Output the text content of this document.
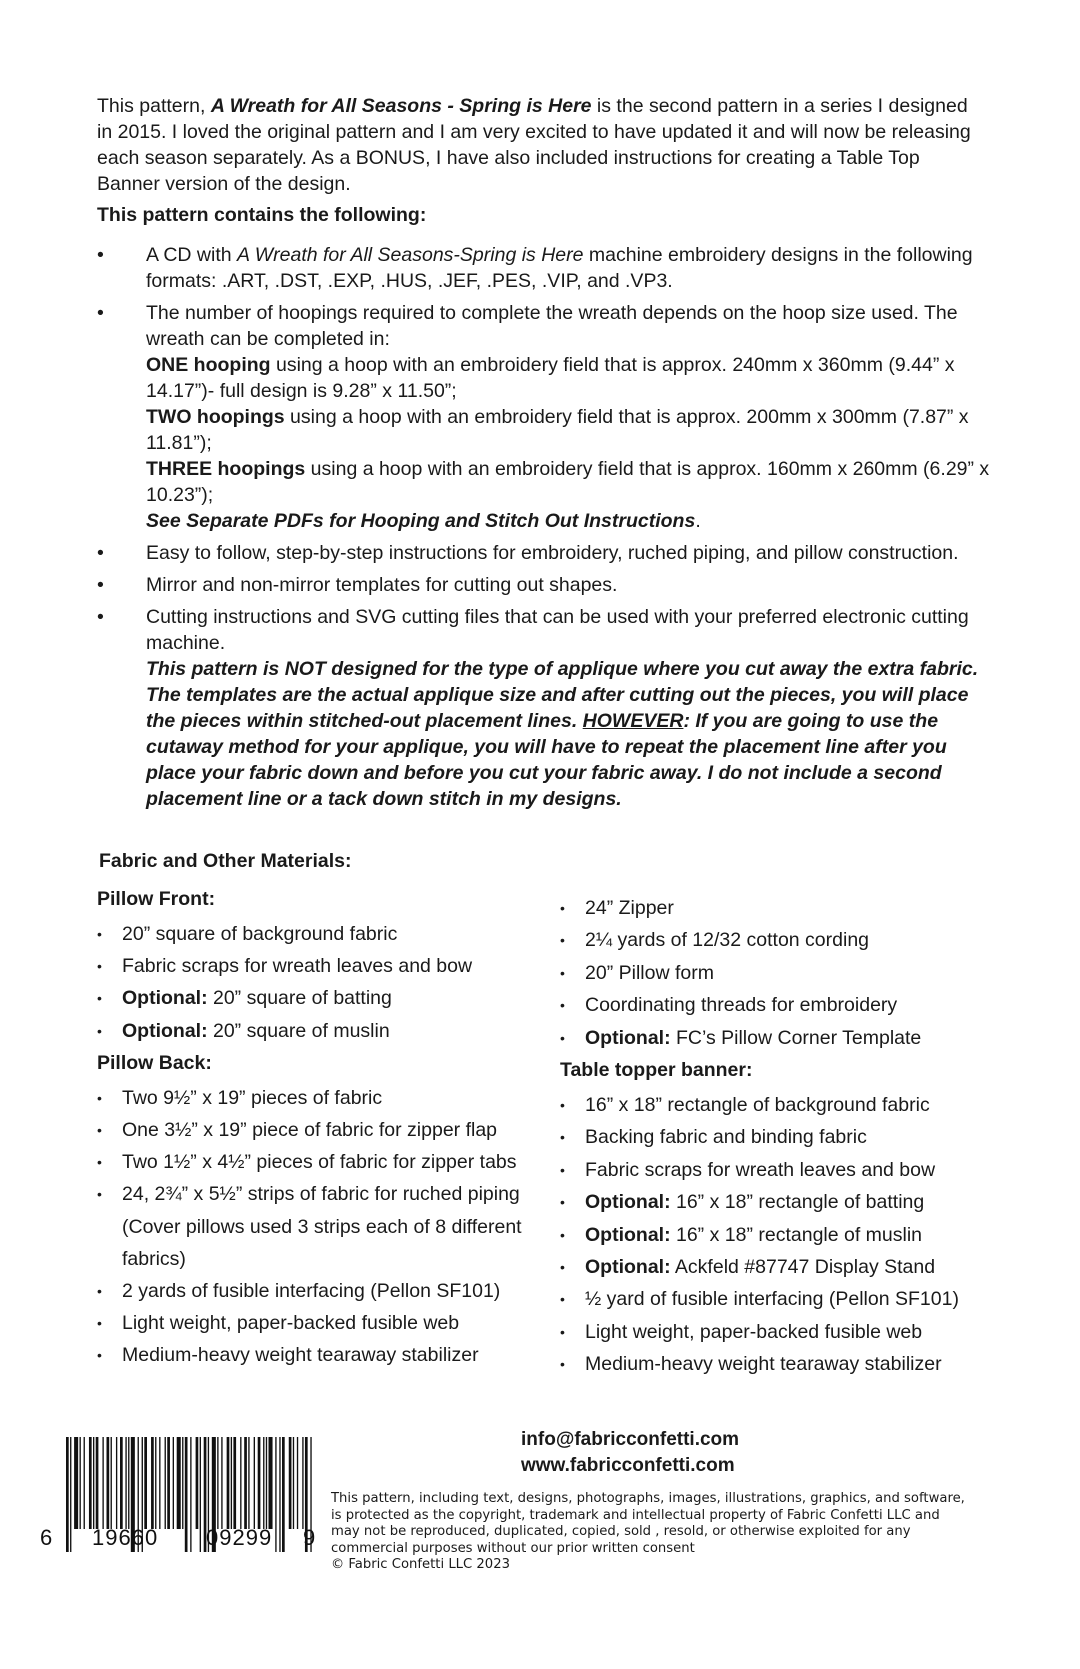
This pattern, A Wreath for All Seasons - Spring is Here is the second pattern in a series I designed in 2015. I loved the original pattern and I am very excited to have updated it and will now be releasing each season separately. As a BONUS, I have also included instructions for creating a Table Top Banner version of the design.

This pattern contains the following:

• A CD with A Wreath for All Seasons-Spring is Here machine embroidery designs in the following formats: .ART, .DST, .EXP, .HUS, .JEF, .PES, .VIP, and .VP3.
• The number of hoopings required to complete the wreath depends on the hoop size used. The wreath can be completed in:
ONE hooping using a hoop with an embroidery field that is approx. 240mm x 360mm (9.44” x 14.17”)- full design is 9.28” x 11.50”;
TWO hoopings using a hoop with an embroidery field that is approx. 200mm x 300mm (7.87” x 11.81”);
THREE hoopings using a hoop with an embroidery field that is approx. 160mm x 260mm (6.29” x 10.23”);
See Separate PDFs for Hooping and Stitch Out Instructions.
• Easy to follow, step-by-step instructions for embroidery, ruched piping, and pillow construction.
• Mirror and non-mirror templates for cutting out shapes.
• Cutting instructions and SVG cutting files that can be used with your preferred electronic cutting machine.
This pattern is NOT designed for the type of applique where you cut away the extra fabric. The templates are the actual applique size and after cutting out the pieces, you will place the pieces within stitched-out placement lines. HOWEVER: If you are going to use the cutaway method for your applique, you will have to repeat the placement line after you place your fabric down and before you cut your fabric away. I do not include a second placement line or a tack down stitch in my designs.

Fabric and Other Materials:

Pillow Front:

• 20” square of background fabric
• Fabric scraps for wreath leaves and bow
• Optional: 20” square of batting
• Optional: 20” square of muslin

Pillow Back:

• Two 9½” x 19” pieces of fabric
• One 3½” x 19” piece of fabric for zipper flap
• Two 1½” x 4½” pieces of fabric for zipper tabs
• 24, 2¾” x 5½” strips of fabric for ruched piping (Cover pillows used 3 strips each of 8 different fabrics)
• 2 yards of fusible interfacing (Pellon SF101)
• Light weight, paper-backed fusible web
• Medium-heavy weight tearaway stabilizer
• 24” Zipper
• 2¼ yards of 12/32 cotton cording
• 20” Pillow form
• Coordinating threads for embroidery
• Optional: FC’s Pillow Corner Template

Table topper banner:

• 16” x 18” rectangle of background fabric
• Backing fabric and binding fabric
• Fabric scraps for wreath leaves and bow
• Optional: 16” x 18” rectangle of batting
• Optional: 16” x 18” rectangle of muslin
• Optional: Ackfeld #87747 Display Stand
• ½ yard of fusible interfacing (Pellon SF101)
• Light weight, paper-backed fusible web
• Medium-heavy weight tearaway stabilizer
6 19660 09299 9

info@fabricconfetti.com
www.fabricconfetti.com

This pattern, including text, designs, photographs, images, illustrations, graphics, and software, is protected as the copyright, trademark and intellectual property of Fabric Confetti LLC and may not be reproduced, duplicated, copied, sold , resold, or otherwise exploited for any commercial purposes without our prior written consent
© Fabric Confetti LLC 2023
